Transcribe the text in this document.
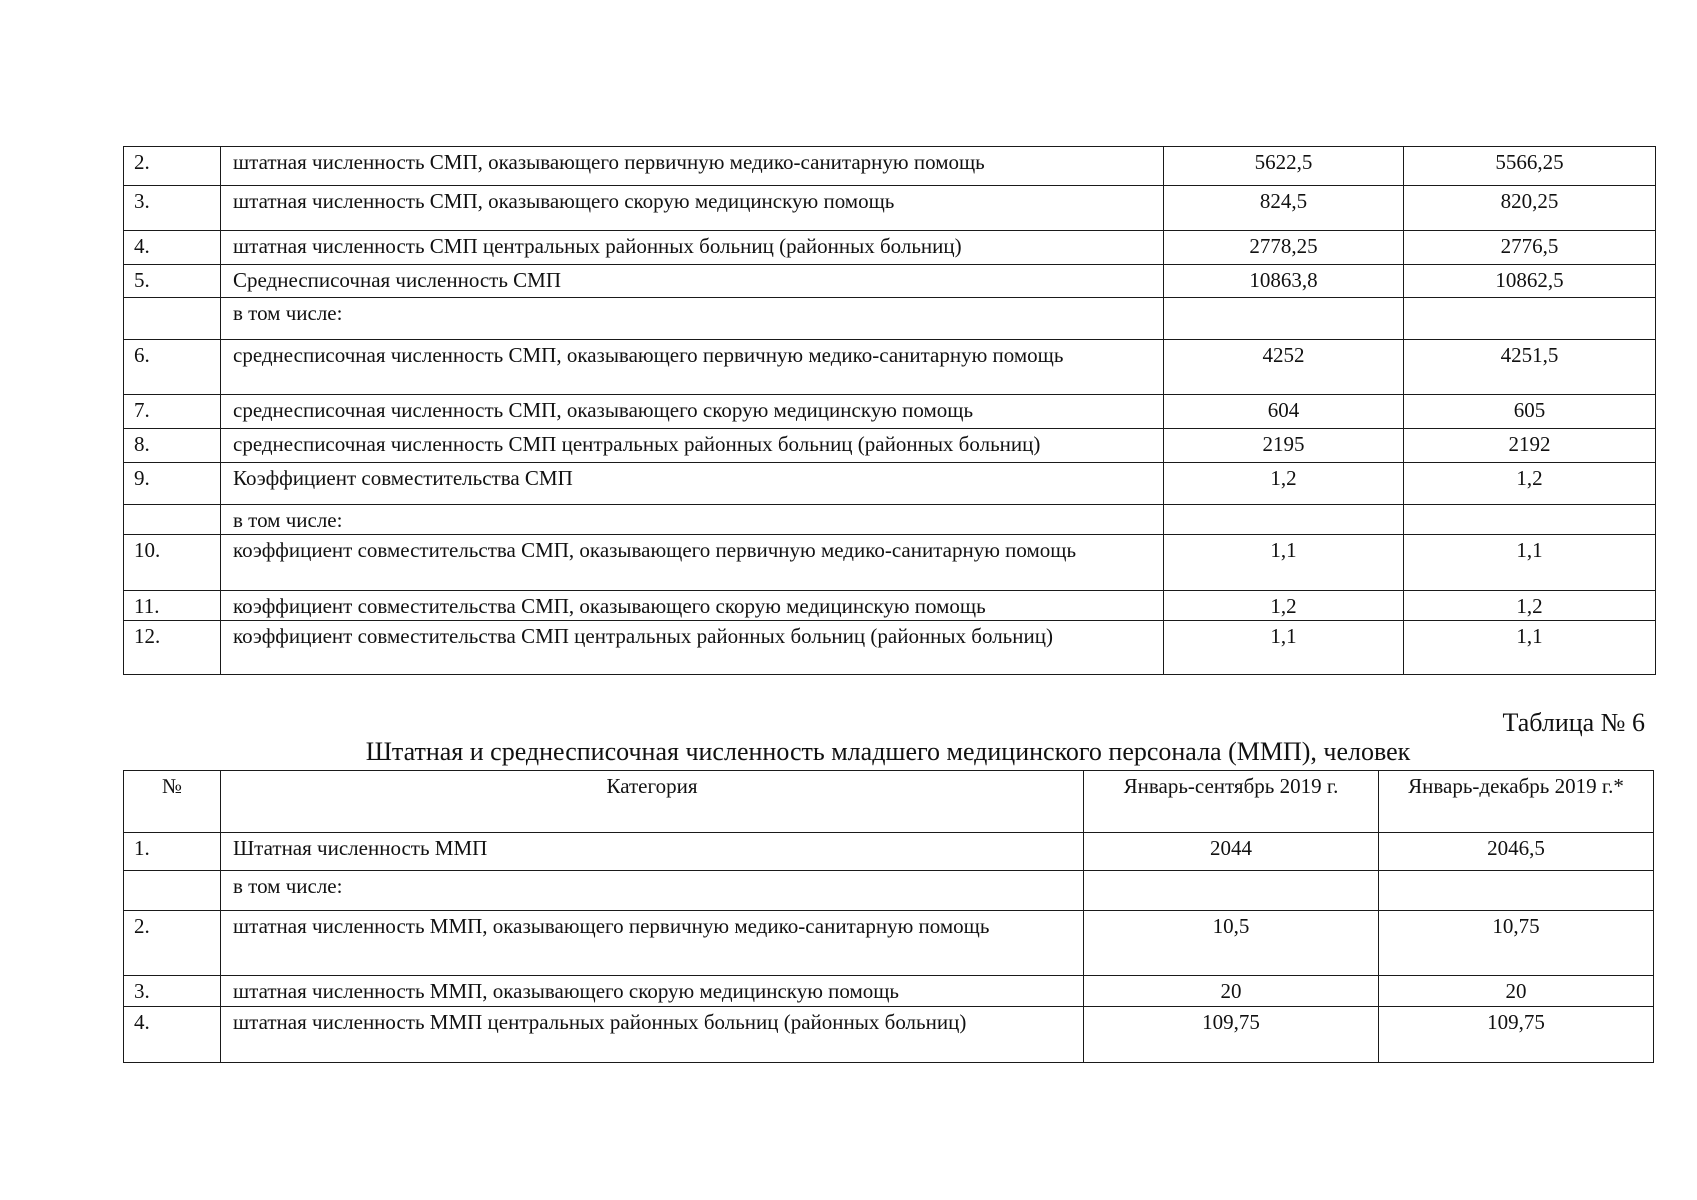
2.	штатная численность СМП, оказывающего первичную медико-санитарную помощь	5622,5	5566,25
3.	штатная численность СМП, оказывающего скорую медицинскую помощь	824,5	820,25
4.	штатная численность СМП центральных районных больниц (районных больниц)	2778,25	2776,5
5.	Среднесписочная численность СМП	10863,8	10862,5
	в том числе:		
6.	среднесписочная численность СМП, оказывающего первичную медико-санитарную помощь	4252	4251,5
7.	среднесписочная численность СМП, оказывающего скорую медицинскую помощь	604	605
8.	среднесписочная численность СМП центральных районных больниц (районных больниц)	2195	2192
9.	Коэффициент совместительства СМП	1,2	1,2
	в том числе:		
10.	коэффициент совместительства СМП, оказывающего первичную медико-санитарную помощь	1,1	1,1
11.	коэффициент совместительства СМП, оказывающего скорую медицинскую помощь	1,2	1,2
12.	коэффициент совместительства СМП центральных районных больниц (районных больниц)	1,1	1,1
Таблица № 6
Штатная и среднесписочная численность младшего медицинского персонала (ММП), человек
№	Категория	Январь-сентябрь 2019 г.	Январь-декабрь 2019 г.*
1.	Штатная численность ММП	2044	2046,5
	в том числе:		
2.	штатная численность ММП, оказывающего первичную медико-санитарную помощь	10,5	10,75
3.	штатная численность ММП, оказывающего скорую медицинскую помощь	20	20
4.	штатная численность ММП центральных районных больниц (районных больниц)	109,75	109,75
